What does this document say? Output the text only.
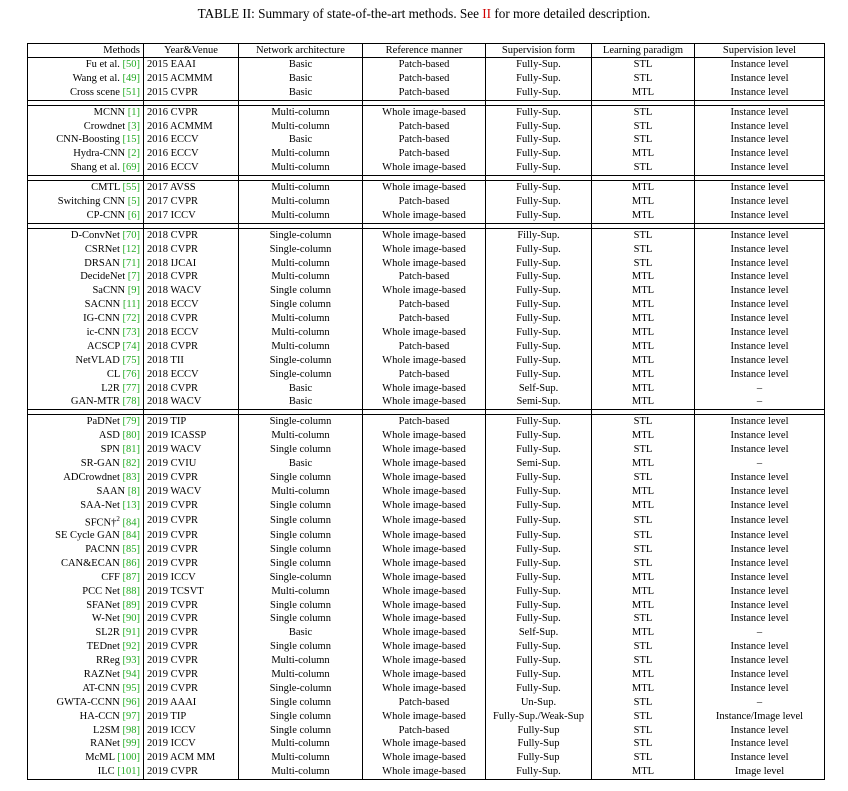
TABLE II: Summary of state-of-the-art methods. See II for more detailed description.
Methods	Year&Venue	Network architecture	Reference manner	Supervision form	Learning paradigm	Supervision level
Fu et al. [50]	2015 EAAI	Basic	Patch-based	Fully-Sup.	STL	Instance level
Wang et al. [49]	2015 ACMMM	Basic	Patch-based	Fully-Sup.	STL	Instance level
Cross scene [51]	2015 CVPR	Basic	Patch-based	Fully-Sup.	MTL	Instance level

MCNN [1]	2016 CVPR	Multi-column	Whole image-based	Fully-Sup.	STL	Instance level
Crowdnet [3]	2016 ACMMM	Multi-column	Patch-based	Fully-Sup.	STL	Instance level
CNN-Boosting [15]	2016 ECCV	Basic	Patch-based	Fully-Sup.	STL	Instance level
Hydra-CNN [2]	2016 ECCV	Multi-column	Patch-based	Fully-Sup.	MTL	Instance level
Shang et al. [69]	2016 ECCV	Multi-column	Whole image-based	Fully-Sup.	STL	Instance level

CMTL [55]	2017 AVSS	Multi-column	Whole image-based	Fully-Sup.	MTL	Instance level
Switching CNN [5]	2017 CVPR	Multi-column	Patch-based	Fully-Sup.	MTL	Instance level
CP-CNN [6]	2017 ICCV	Multi-column	Whole image-based	Fully-Sup.	MTL	Instance level

D-ConvNet [70]	2018 CVPR	Single-column	Whole image-based	Filly-Sup.	STL	Instance level
CSRNet [12]	2018 CVPR	Single-column	Whole image-based	Fully-Sup.	STL	Instance level
DRSAN [71]	2018 IJCAI	Multi-column	Whole image-based	Fully-Sup.	STL	Instance level
DecideNet [7]	2018 CVPR	Multi-column	Patch-based	Fully-Sup.	MTL	Instance level
SaCNN [9]	2018 WACV	Single column	Whole image-based	Fully-Sup.	MTL	Instance level
SACNN [11]	2018 ECCV	Single column	Patch-based	Fully-Sup.	MTL	Instance level
IG-CNN [72]	2018 CVPR	Multi-column	Patch-based	Fully-Sup.	MTL	Instance level
ic-CNN [73]	2018 ECCV	Multi-column	Whole image-based	Fully-Sup.	MTL	Instance level
ACSCP [74]	2018 CVPR	Multi-column	Patch-based	Fully-Sup.	MTL	Instance level
NetVLAD [75]	2018 TII	Single-column	Whole image-based	Fully-Sup.	MTL	Instance level
CL [76]	2018 ECCV	Single-column	Patch-based	Fully-Sup.	MTL	Instance level
L2R [77]	2018 CVPR	Basic	Whole image-based	Self-Sup.	MTL	–
GAN-MTR [78]	2018 WACV	Basic	Whole image-based	Semi-Sup.	MTL	–

PaDNet [79]	2019 TIP	Single-column	Patch-based	Fully-Sup.	STL	Instance level
ASD [80]	2019 ICASSP	Multi-column	Whole image-based	Fully-Sup.	MTL	Instance level
SPN [81]	2019 WACV	Single column	Whole image-based	Fully-Sup.	STL	Instance level
SR-GAN [82]	2019 CVIU	Basic	Whole image-based	Semi-Sup.	MTL	–
ADCrowdnet [83]	2019 CVPR	Single column	Whole image-based	Fully-Sup.	STL	Instance level
SAAN [8]	2019 WACV	Multi-column	Whole image-based	Fully-Sup.	MTL	Instance level
SAA-Net [13]	2019 CVPR	Single column	Whole image-based	Fully-Sup.	MTL	Instance level
SFCN†$^2$ [84]	2019 CVPR	Single column	Whole image-based	Fully-Sup.	STL	Instance level
SE Cycle GAN [84]	2019 CVPR	Single column	Whole image-based	Fully-Sup.	STL	Instance level
PACNN [85]	2019 CVPR	Single column	Whole image-based	Fully-Sup.	STL	Instance level
CAN&ECAN [86]	2019 CVPR	Single column	Whole image-based	Fully-Sup.	STL	Instance level
CFF [87]	2019 ICCV	Single-column	Whole image-based	Fully-Sup.	MTL	Instance level
PCC Net [88]	2019 TCSVT	Multi-column	Whole image-based	Fully-Sup.	MTL	Instance level
SFANet [89]	2019 CVPR	Single column	Whole image-based	Fully-Sup.	MTL	Instance level
W-Net [90]	2019 CVPR	Single column	Whole image-based	Fully-Sup.	STL	Instance level
SL2R [91]	2019 CVPR	Basic	Whole image-based	Self-Sup.	MTL	–
TEDnet [92]	2019 CVPR	Single column	Whole image-based	Fully-Sup.	STL	Instance level
RReg [93]	2019 CVPR	Multi-column	Whole image-based	Fully-Sup.	STL	Instance level
RAZNet [94]	2019 CVPR	Multi-column	Whole image-based	Fully-Sup.	MTL	Instance level
AT-CNN [95]	2019 CVPR	Single-column	Whole image-based	Fully-Sup.	MTL	Instance level
GWTA-CCNN [96]	2019 AAAI	Single column	Patch-based	Un-Sup.	STL	–
HA-CCN [97]	2019 TIP	Single column	Whole image-based	Fully-Sup./Weak-Sup	STL	Instance/Image level
L2SM [98]	2019 ICCV	Single column	Patch-based	Fully-Sup	STL	Instance level
RANet [99]	2019 ICCV	Multi-column	Whole image-based	Fully-Sup	STL	Instance level
McML [100]	2019 ACM MM	Multi-column	Whole image-based	Fully-Sup	STL	Instance level
ILC [101]	2019 CVPR	Multi-column	Whole image-based	Fully-Sup.	MTL	Image level
